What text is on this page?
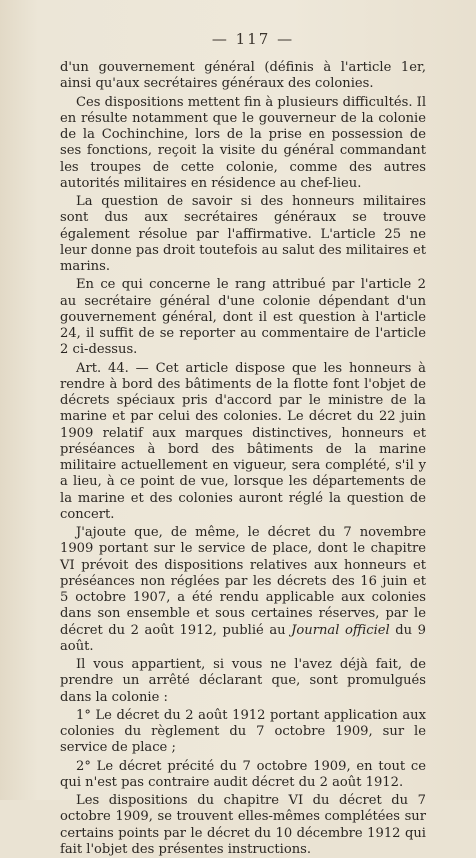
— 117 —

d'un gouvernement général (définis à l'article 1er, ainsi qu'aux secrétaires généraux des colonies.

Ces dispositions mettent fin à plusieurs difficultés. Il en résulte notamment que le gouverneur de la colonie de la Cochinchine, lors de la prise en possession de ses fonctions, reçoit la visite du général commandant les troupes de cette colonie, comme des autres autorités militaires en résidence au chef-lieu.

La question de savoir si des honneurs militaires sont dus aux secrétaires généraux se trouve également résolue par l'affirmative. L'article 25 ne leur donne pas droit toutefois au salut des militaires et marins.

En ce qui concerne le rang attribué par l'article 2 au secrétaire général d'une colonie dépendant d'un gouvernement général, dont il est question à l'article 24, il suffit de se reporter au commentaire de l'article 2 ci-dessus.

Art. 44. — Cet article dispose que les honneurs à rendre à bord des bâtiments de la flotte font l'objet de décrets spéciaux pris d'accord par le ministre de la marine et par celui des colonies. Le décret du 22 juin 1909 relatif aux marques distinctives, honneurs et préséances à bord des bâtiments de la marine militaire actuellement en vigueur, sera complété, s'il y a lieu, à ce point de vue, lorsque les départements de la marine et des colonies auront réglé la question de concert.

J'ajoute que, de même, le décret du 7 novembre 1909 portant sur le service de place, dont le chapitre VI prévoit des dispositions relatives aux honneurs et préséances non réglées par les décrets des 16 juin et 5 octobre 1907, a été rendu applicable aux colonies dans son ensemble et sous certaines réserves, par le décret du 2 août 1912, publié au Journal officiel du 9 août.

Il vous appartient, si vous ne l'avez déjà fait, de prendre un arrêté déclarant que, sont promulgués dans la colonie :

1° Le décret du 2 août 1912 portant application aux colonies du règlement du 7 octobre 1909, sur le service de place ;

2° Le décret précité du 7 octobre 1909, en tout ce qui n'est pas contraire audit décret du 2 août 1912.

Les dispositions du chapitre VI du décret du 7 octobre 1909, se trouvent elles-mêmes complétées sur certains points par le décret du 10 décembre 1912 qui fait l'objet des présentes instructions.
